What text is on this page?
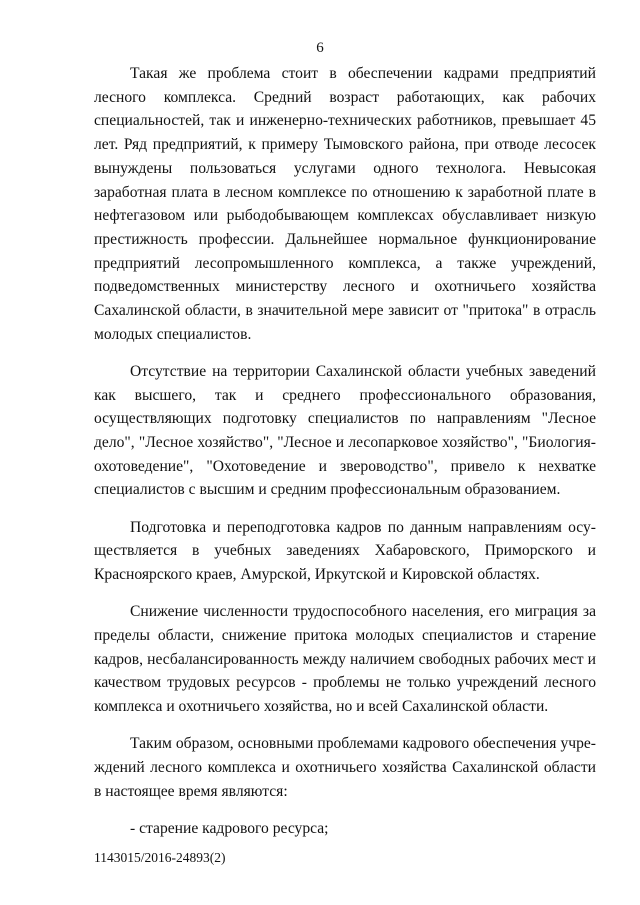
6

Такая же проблема стоит в обеспечении кадрами предприятий лесного комплекса. Средний возраст работающих, как рабочих специальностей, так и инженерно-технических работников, превышает 45 лет. Ряд предприятий, к примеру Тымовского района, при отводе лесосек вынуждены пользоваться услугами одного технолога. Невысокая заработная плата в лесном комплексе по отношению к заработной плате в нефтегазовом или рыбодобывающем комплексах обуславливает низкую престижность профессии. Дальнейшее нормальное функционирование предприятий лесопромышленного комплекса, а также учреждений, подведомственных министерству лесного и охотничьего хозяйства Сахалинской области, в значительной мере зависит от "притока" в отрасль молодых специалистов.

Отсутствие на территории Сахалинской области учебных заведений как высшего, так и среднего профессионального образования, осуществляющих подготовку специалистов по направлениям "Лесное дело", "Лесное хозяйство", "Лесное и лесопарковое хозяйство", "Биология-охотоведение", "Охотоведение и звероводство", привело к нехватке специалистов с высшим и средним профессиональным образованием.

Подготовка и переподготовка кадров по данным направлениям осуществляется в учебных заведениях Хабаровского, Приморского и Красноярского краев, Амурской, Иркутской и Кировской областях.

Снижение численности трудоспособного населения, его миграция за пределы области, снижение притока молодых специалистов и старение кадров, несбалансированность между наличием свободных рабочих мест и качеством трудовых ресурсов - проблемы не только учреждений лесного комплекса и охотничьего хозяйства, но и всей Сахалинской области.

Таким образом, основными проблемами кадрового обеспечения учреждений лесного комплекса и охотничьего хозяйства Сахалинской области в настоящее время являются:

- старение кадрового ресурса;

1143015/2016-24893(2)
